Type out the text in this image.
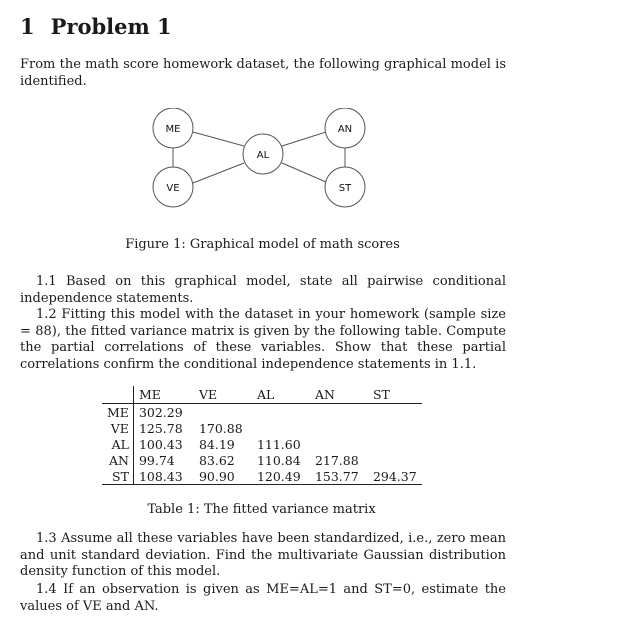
1 Problem 1

From the math score homework dataset, the following graphical model is identified.

ME	AN
AL
VE	ST

Figure 1: Graphical model of math scores

1.1 Based on this graphical model, state all pairwise conditional independence statements.

1.2 Fitting this model with the dataset in your homework (sample size = 88), the fitted variance matrix is given by the following table. Compute the partial correlations of these variables. Show that these partial correlations confirm the conditional independence statements in 1.1.

	ME	VE	AL	AN	ST
ME	302.29				
VE	125.78	170.88			
AL	100.43	84.19	111.60		
AN	99.74	83.62	110.84	217.88	
ST	108.43	90.90	120.49	153.77	294.37

Table 1: The fitted variance matrix

1.3 Assume all these variables have been standardized, i.e., zero mean and unit standard deviation. Find the multivariate Gaussian distribution density function of this model.

1.4 If an observation is given as ME=AL=1 and ST=0, estimate the values of VE and AN.
